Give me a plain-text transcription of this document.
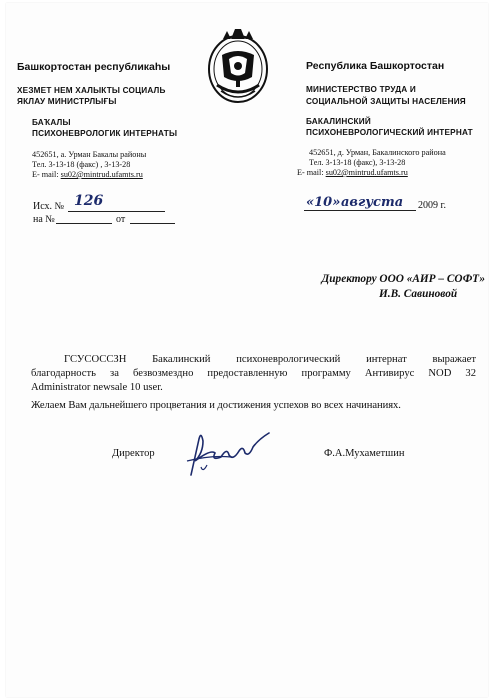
Башкортостан республикаһы
ХЕЗМЕТ НЕМ ХАЛЫКТЫ СОЦИАЛЬ
ЯКЛАУ МИНИСТРЛЫҒЫ
БАҠАЛЫ
ПСИХОНЕВРОЛОГИК ИНТЕРНАТЫ
452651, а. Урман Бакалы районы
Тел. 3-13-18 (факс) , 3-13-28
E- mail: su02@mintrud.ufamts.ru
Республика Башкортостан
МИНИСТЕРСТВО ТРУДА И
СОЦИАЛЬНОЙ ЗАЩИТЫ НАСЕЛЕНИЯ
БАКАЛИНСКИЙ
ПСИХОНЕВРОЛОГИЧЕСКИЙ ИНТЕРНАТ
452651, д. Урман, Бакалинского района
Тел. 3-13-18 (факс), 3-13-28
E- mail: su02@mintrud.ufamts.ru
Исх. № 126
на №	от
«10» августа 2009 г.
Директору ООО «АИР – СОФТ»
И.В. Савиновой
ГСУСОССЗН Бакалинский психоневрологический интернат выражает
благодарность за безвозмездно предоставленную программу Антивирус NOD 32
Administrator newsale 10 user.
Желаем Вам дальнейшего процветания и достижения успехов во всех начинаниях.
Директор	Ф.А.Мухаметшин
